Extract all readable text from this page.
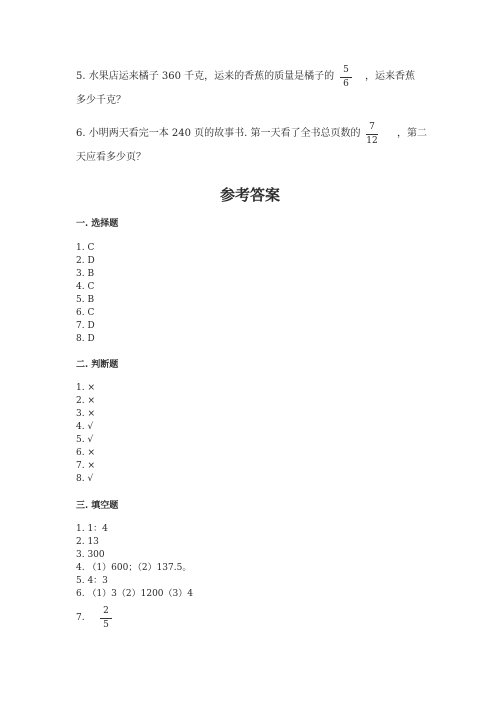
5. 水果店运来橘子 360 千克，运来的香蕉的质量是橘子的
5
6
，运来香蕉
多少千克？
6. 小明两天看完一本 240 页的故事书. 第一天看了全书总页数的
7
12
，第二
天应看多少页？
参考答案
一. 选择题
1. C
2. D
3. B
4. C
5. B
6. C
7. D
8. D
二. 判断题
1. ×
2. ×
3. ×
4. √
5. √
6. ×
7. ×
8. √
三. 填空题
1. 1：4
2. 13
3. 300
4. （1）600；（2）137.5。
5. 4：3
6. （1）3（2）1200（3）4
7.
2
5
